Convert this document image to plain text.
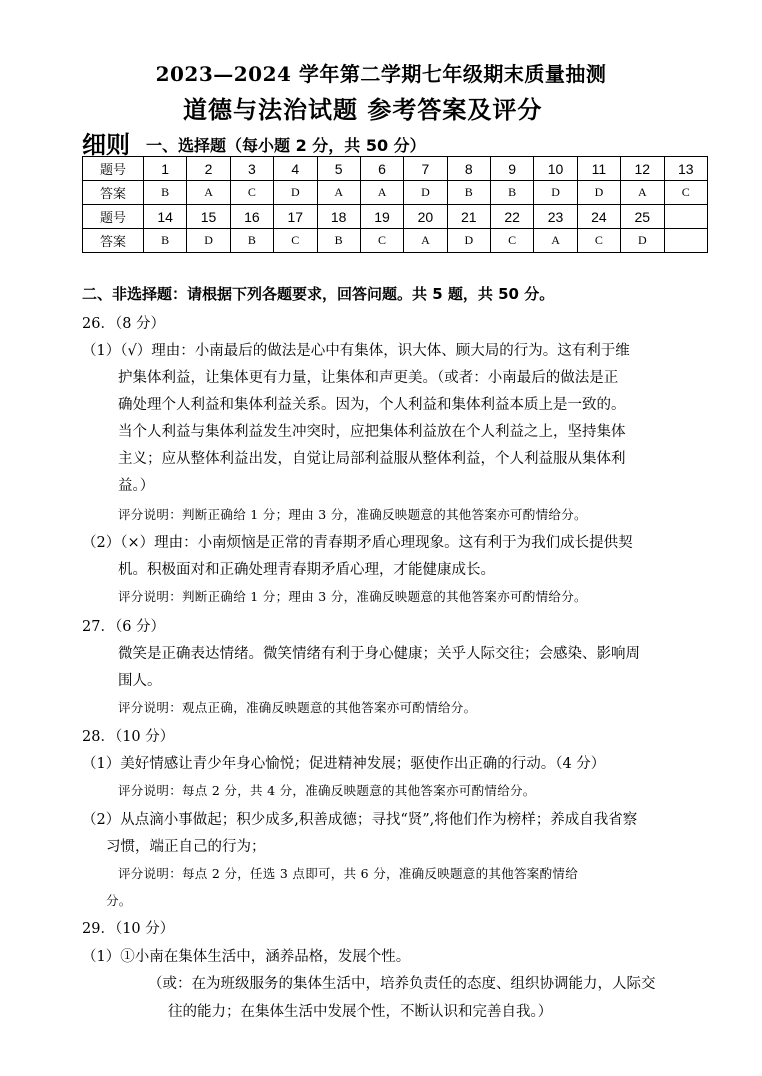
2023—2024 学年第二学期七年级期末质量抽测
道德与法治试题 参考答案及评分
细则 一、选择题（每小题 2 分，共 50 分）
题号	1	2	3	4	5	6	7	8	9	10	11	12	13
答案	B	A	C	D	A	A	D	B	B	D	D	A	C
题号	14	15	16	17	18	19	20	21	22	23	24	25	
答案	B	D	B	C	B	C	A	D	C	A	C	D	
二、非选择题：请根据下列各题要求，回答问题。共 5 题，共 50 分。
26．（8 分）
（1）（√）理由：小南最后的做法是心中有集体，识大体、顾大局的行为。这有利于维
护集体利益，让集体更有力量，让集体和声更美。（或者：小南最后的做法是正
确处理个人利益和集体利益关系。因为，个人利益和集体利益本质上是一致的。
当个人利益与集体利益发生冲突时，应把集体利益放在个人利益之上，坚持集体
主义；应从整体利益出发，自觉让局部利益服从整体利益，个人利益服从集体利
益。）
评分说明：判断正确给 1 分；理由 3 分，准确反映题意的其他答案亦可酌情给分。
（2）（×）理由：小南烦恼是正常的青春期矛盾心理现象。这有利于为我们成长提供契
机。积极面对和正确处理青春期矛盾心理，才能健康成长。
评分说明：判断正确给 1 分；理由 3 分，准确反映题意的其他答案亦可酌情给分。
27．（6 分）
微笑是正确表达情绪。微笑情绪有利于身心健康；关乎人际交往；会感染、影响周
围人。
评分说明：观点正确，准确反映题意的其他答案亦可酌情给分。
28．（10 分）
（1）美好情感让青少年身心愉悦；促进精神发展；驱使作出正确的行动。（4 分）
评分说明：每点 2 分，共 4 分，准确反映题意的其他答案亦可酌情给分。
（2）从点滴小事做起；积少成多,积善成德；寻找“贤”,将他们作为榜样；养成自我省察
习惯，端正自己的行为；
评分说明：每点 2 分，任选 3 点即可，共 6 分，准确反映题意的其他答案酌情给
分。
29．（10 分）
（1）①小南在集体生活中，涵养品格，发展个性。
（或：在为班级服务的集体生活中，培养负责任的态度、组织协调能力，人际交
往的能力；在集体生活中发展个性，不断认识和完善自我。）
